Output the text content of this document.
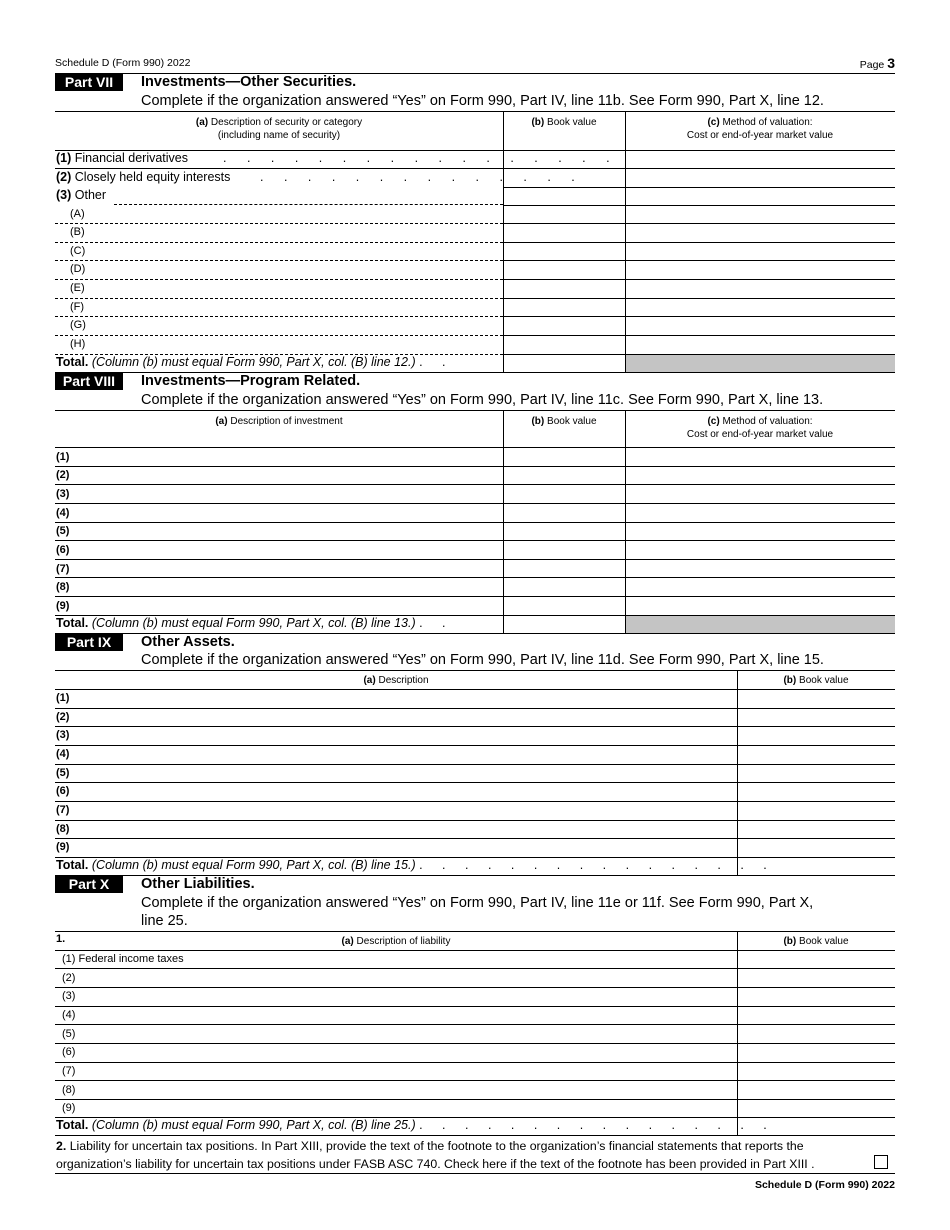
Schedule D (Form 990) 2022	Page 3
Part VII	Investments—Other Securities.
Complete if the organization answered “Yes” on Form 990, Part IV, line 11b. See Form 990, Part X, line 12.
(a) Description of security or category
(including name of security)
(b) Book value	(c) Method of valuation:
Cost or end-of-year market value
(1) Financial derivatives	. . . . . . . . . . . . . . . . .
(2) Closely held equity interests . . . . . . . . . . . . . .
(3) Other
(A)
(B)
(C)
(D)
(E)
(F)
(G)
(H)
Total. (Column (b) must equal Form 990, Part X, col. (B) line 12.) . .
Part VIII	Investments—Program Related.
Complete if the organization answered “Yes” on Form 990, Part IV, line 11c. See Form 990, Part X, line 13.
(a) Description of investment	(b) Book value	(c) Method of valuation:
Cost or end-of-year market value
(1)
(2)
(3)
(4)
(5)
(6)
(7)
(8)
(9)
Total. (Column (b) must equal Form 990, Part X, col. (B) line 13.) . .
Part IX	Other Assets.
Complete if the organization answered “Yes” on Form 990, Part IV, line 11d. See Form 990, Part X, line 15.
(a) Description	(b) Book value
(1)
(2)
(3)
(4)
(5)
(6)
(7)
(8)
(9)
Total. (Column (b) must equal Form 990, Part X, col. (B) line 15.) . . . . . . . . . . . . . . . .
Part X	Other Liabilities.
Complete if the organization answered “Yes” on Form 990, Part IV, line 11e or 11f. See Form 990, Part X,
line 25.
1.	(a) Description of liability	(b) Book value
(1) Federal income taxes
(2)
(3)
(4)
(5)
(6)
(7)
(8)
(9)
Total. (Column (b) must equal Form 990, Part X, col. (B) line 25.) . . . . . . . . . . . . . . . .
2. Liability for uncertain tax positions. In Part XIII, provide the text of the footnote to the organization’s financial statements that reports the
organization’s liability for uncertain tax positions under FASB ASC 740. Check here if the text of the footnote has been provided in Part XIII .
Schedule D (Form 990) 2022
